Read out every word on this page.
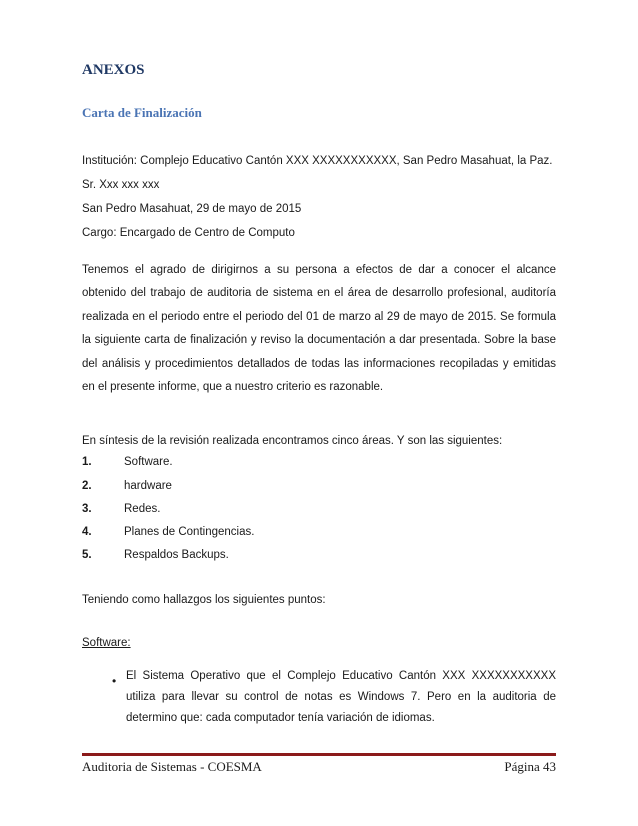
ANEXOS
Carta de Finalización
Institución: Complejo Educativo Cantón XXX XXXXXXXXXXX, San Pedro Masahuat, la Paz.
Sr. Xxx xxx xxx
San Pedro Masahuat, 29 de mayo de 2015
Cargo: Encargado de Centro de Computo
Tenemos el agrado de dirigirnos a su persona a efectos de dar a conocer el alcance obtenido del trabajo de auditoria de sistema en el área de desarrollo profesional, auditoría realizada en el periodo entre el periodo del 01 de marzo al 29 de mayo de 2015. Se formula la siguiente carta de finalización y reviso la documentación a dar presentada. Sobre la base del análisis y procedimientos detallados de todas las informaciones recopiladas y emitidas en el presente informe, que a nuestro criterio es razonable.
En síntesis de la revisión realizada encontramos cinco áreas. Y son las siguientes:
1.	Software.
2.	hardware
3.	Redes.
4.	Planes de Contingencias.
5.	Respaldos Backups.
Teniendo como hallazgos los siguientes puntos:
Software:
• El Sistema Operativo que el Complejo Educativo Cantón XXX XXXXXXXXXXX utiliza para llevar su control de notas es Windows 7. Pero en la auditoria de determino que: cada computador tenía variación de idiomas.
Auditoria de Sistemas - COESMA	Página 43
